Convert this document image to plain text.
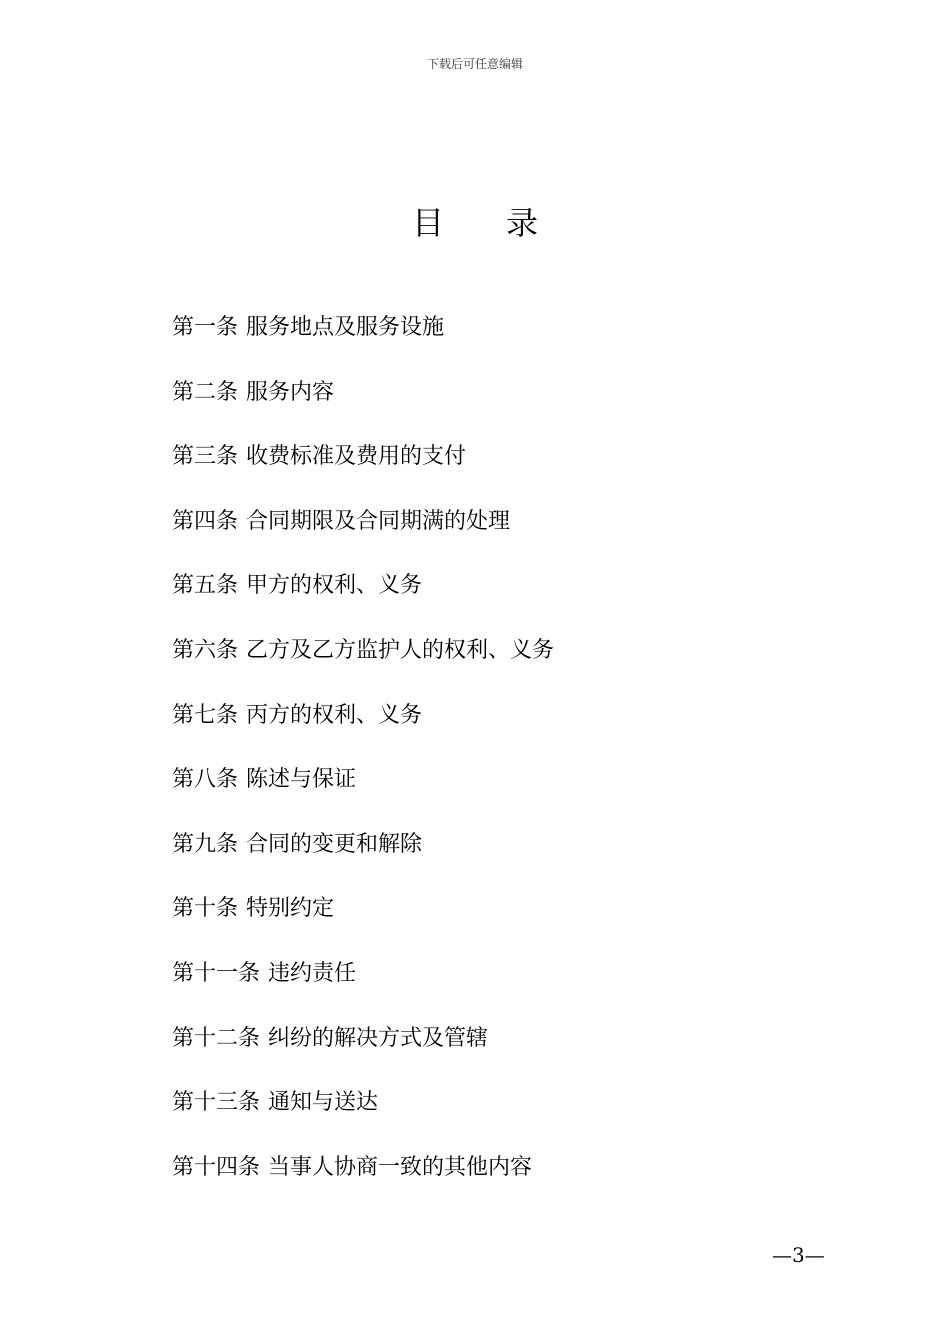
下载后可任意编辑
目 录
第一条 服务地点及服务设施
第二条 服务内容
第三条 收费标准及费用的支付
第四条 合同期限及合同期满的处理
第五条 甲方的权利、义务
第六条 乙方及乙方监护人的权利、义务
第七条 丙方的权利、义务
第八条 陈述与保证
第九条 合同的变更和解除
第十条 特别约定
第十一条 违约责任
第十二条 纠纷的解决方式及管辖
第十三条 通知与送达
第十四条 当事人协商一致的其他内容
—3—
